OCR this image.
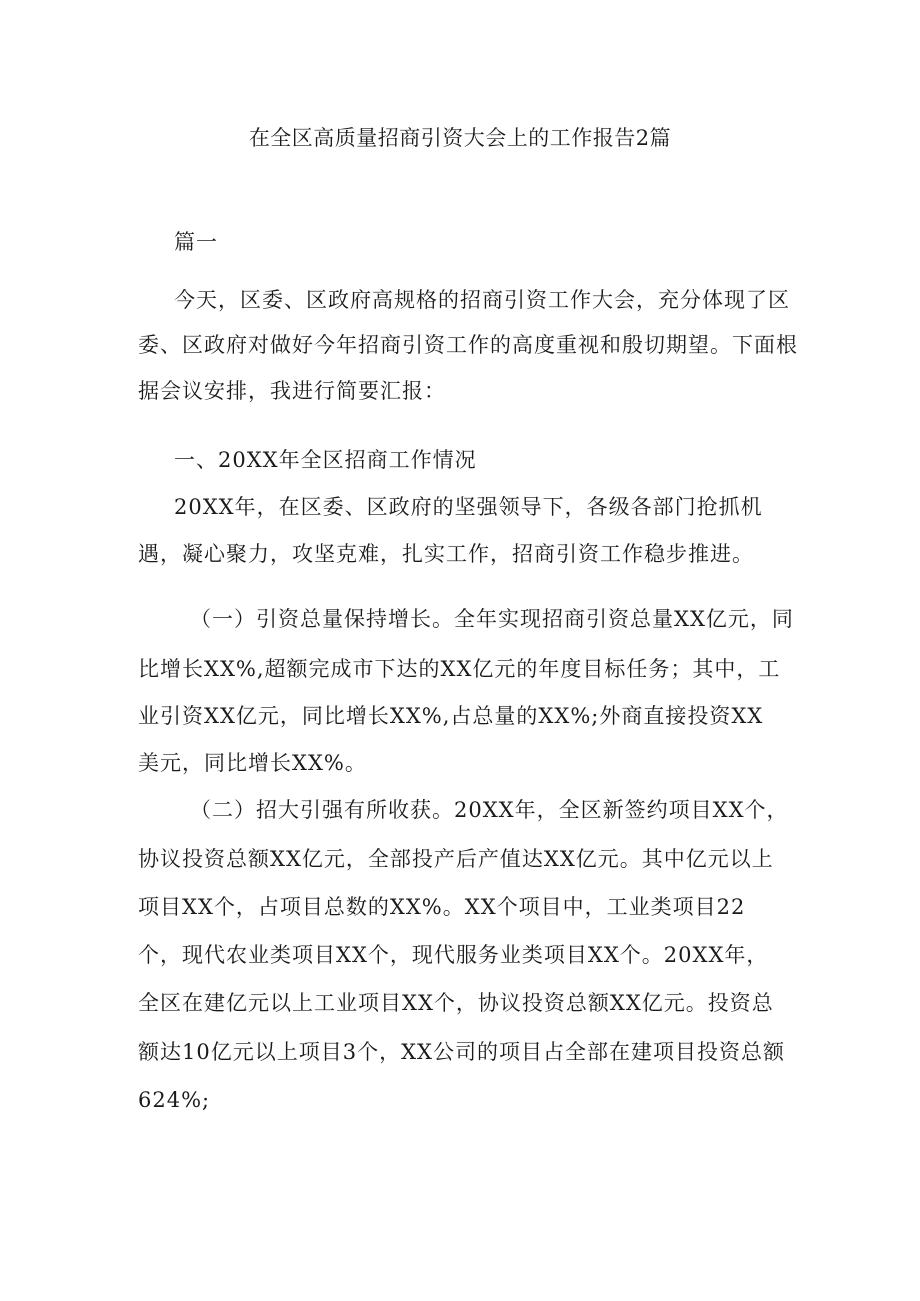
在全区高质量招商引资大会上的工作报告2篇
篇一
今天，区委、区政府高规格的招商引资工作大会，充分体现了区
委、区政府对做好今年招商引资工作的高度重视和殷切期望。下面根
据会议安排，我进行简要汇报：
一、20XX年全区招商工作情况
20XX年，在区委、区政府的坚强领导下，各级各部门抢抓机
遇，凝心聚力，攻坚克难，扎实工作，招商引资工作稳步推进。
（一）引资总量保持增长。全年实现招商引资总量XX亿元，同
比增长XX%,超额完成市下达的XX亿元的年度目标任务；其中，工
业引资XX亿元，同比增长XX%,占总量的XX%;外商直接投资XX
美元，同比增长XX%。
（二）招大引强有所收获。20XX年，全区新签约项目XX个，
协议投资总额XX亿元，全部投产后产值达XX亿元。其中亿元以上
项目XX个，占项目总数的XX%。XX个项目中，工业类项目22
个，现代农业类项目XX个，现代服务业类项目XX个。20XX年，
全区在建亿元以上工业项目XX个，协议投资总额XX亿元。投资总
额达10亿元以上项目3个，XX公司的项目占全部在建项目投资总额
624%;
